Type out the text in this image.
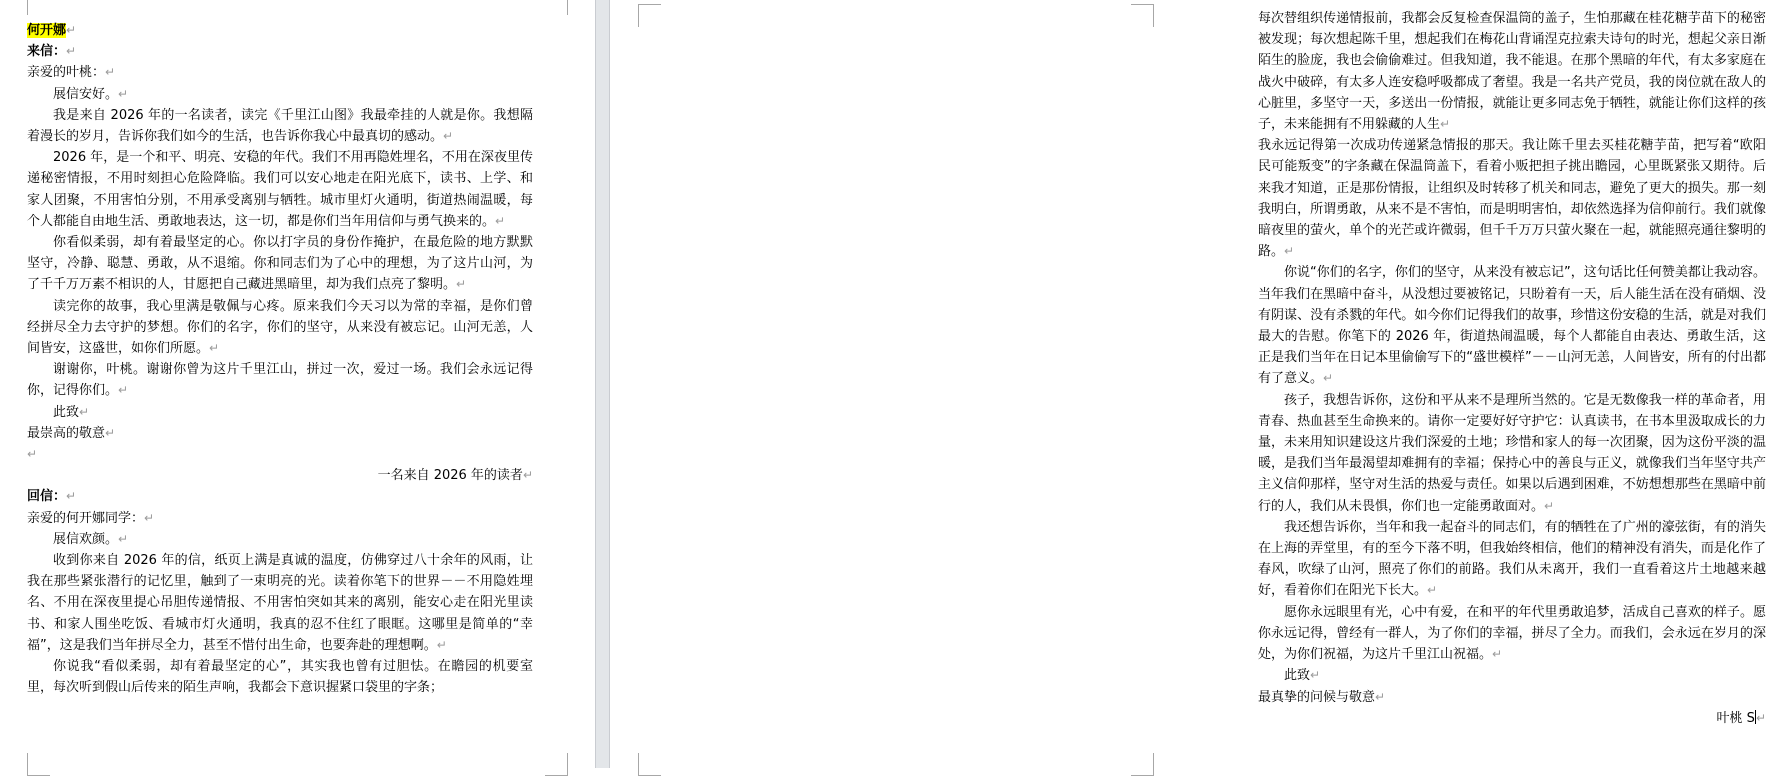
何开娜↵

来信：↵

亲爱的叶桃：↵

展信安好。↵

我是来自 2026 年的一名读者，读完《千里江山图》我最牵挂的人就是你。我想隔着漫长的岁月，告诉你我们如今的生活，也告诉你我心中最真切的感动。↵

2026 年，是一个和平、明亮、安稳的年代。我们不用再隐姓埋名，不用在深夜里传递秘密情报，不用时刻担心危险降临。我们可以安心地走在阳光底下，读书、上学、和家人团聚，不用害怕分别，不用承受离别与牺牲。城市里灯火通明，街道热闹温暖，每个人都能自由地生活、勇敢地表达，这一切，都是你们当年用信仰与勇气换来的。↵

你看似柔弱，却有着最坚定的心。你以打字员的身份作掩护，在最危险的地方默默坚守，冷静、聪慧、勇敢，从不退缩。你和同志们为了心中的理想，为了这片山河，为了千千万万素不相识的人，甘愿把自己藏进黑暗里，却为我们点亮了黎明。↵

读完你的故事，我心里满是敬佩与心疼。原来我们今天习以为常的幸福，是你们曾经拼尽全力去守护的梦想。你们的名字，你们的坚守，从来没有被忘记。山河无恙，人间皆安，这盛世，如你们所愿。↵

谢谢你，叶桃。谢谢你曾为这片千里江山，拼过一次，爱过一场。我们会永远记得你，记得你们。↵

此致↵

最崇高的敬意↵

↵

一名来自 2026 年的读者↵

回信：↵

亲爱的何开娜同学：↵

展信欢颜。↵

收到你来自 2026 年的信，纸页上满是真诚的温度，仿佛穿过八十余年的风雨，让我在那些紧张潜行的记忆里，触到了一束明亮的光。读着你笔下的世界－－不用隐姓埋名、不用在深夜里提心吊胆传递情报、不用害怕突如其来的离别，能安心走在阳光里读书、和家人围坐吃饭、看城市灯火通明，我真的忍不住红了眼眶。这哪里是简单的“幸福”，这是我们当年拼尽全力，甚至不惜付出生命，也要奔赴的理想啊。↵

你说我“看似柔弱，却有着最坚定的心”，其实我也曾有过胆怯。在瞻园的机要室里，每次听到假山后传来的陌生声响，我都会下意识握紧口袋里的字条；

每次替组织传递情报前，我都会反复检查保温筒的盖子，生怕那藏在桂花糖芋苗下的秘密被发现；每次想起陈千里，想起我们在梅花山背诵涅克拉索夫诗句的时光，想起父亲日渐陌生的脸庞，我也会偷偷难过。但我知道，我不能退。在那个黑暗的年代，有太多家庭在战火中破碎，有太多人连安稳呼吸都成了奢望。我是一名共产党员，我的岗位就在敌人的心脏里，多坚守一天，多送出一份情报，就能让更多同志免于牺牲，就能让你们这样的孩子，未来能拥有不用躲藏的人生↵

我永远记得第一次成功传递紧急情报的那天。我让陈千里去买桂花糖芋苗，把写着“欧阳民可能叛变”的字条藏在保温筒盖下，看着小贩把担子挑出瞻园，心里既紧张又期待。后来我才知道，正是那份情报，让组织及时转移了机关和同志，避免了更大的损失。那一刻我明白，所谓勇敢，从来不是不害怕，而是明明害怕，却依然选择为信仰前行。我们就像暗夜里的萤火，单个的光芒或许微弱，但千千万万只萤火聚在一起，就能照亮通往黎明的路。↵

你说“你们的名字，你们的坚守，从来没有被忘记”，这句话比任何赞美都让我动容。当年我们在黑暗中奋斗，从没想过要被铭记，只盼着有一天，后人能生活在没有硝烟、没有阴谋、没有杀戮的年代。如今你们记得我们的故事，珍惜这份安稳的生活，就是对我们最大的告慰。你笔下的 2026 年，街道热闹温暖，每个人都能自由表达、勇敢生活，这正是我们当年在日记本里偷偷写下的“盛世模样”－－山河无恙，人间皆安，所有的付出都有了意义。↵

孩子，我想告诉你，这份和平从来不是理所当然的。它是无数像我一样的革命者，用青春、热血甚至生命换来的。请你一定要好好守护它：认真读书，在书本里汲取成长的力量，未来用知识建设这片我们深爱的土地；珍惜和家人的每一次团聚，因为这份平淡的温暖，是我们当年最渴望却难拥有的幸福；保持心中的善良与正义，就像我们当年坚守共产主义信仰那样，坚守对生活的热爱与责任。如果以后遇到困难，不妨想想那些在黑暗中前行的人，我们从未畏惧，你们也一定能勇敢面对。↵

我还想告诉你，当年和我一起奋斗的同志们，有的牺牲在了广州的濠弦街，有的消失在上海的弄堂里，有的至今下落不明，但我始终相信，他们的精神没有消失，而是化作了春风，吹绿了山河，照亮了你们的前路。我们从未离开，我们一直看着这片土地越来越好，看着你们在阳光下长大。↵

愿你永远眼里有光，心中有爱，在和平的年代里勇敢追梦，活成自己喜欢的样子。愿你永远记得，曾经有一群人，为了你们的幸福，拼尽了全力。而我们，会永远在岁月的深处，为你们祝福，为这片千里江山祝福。↵

此致↵

最真挚的问候与敬意↵

叶桃 S↵
